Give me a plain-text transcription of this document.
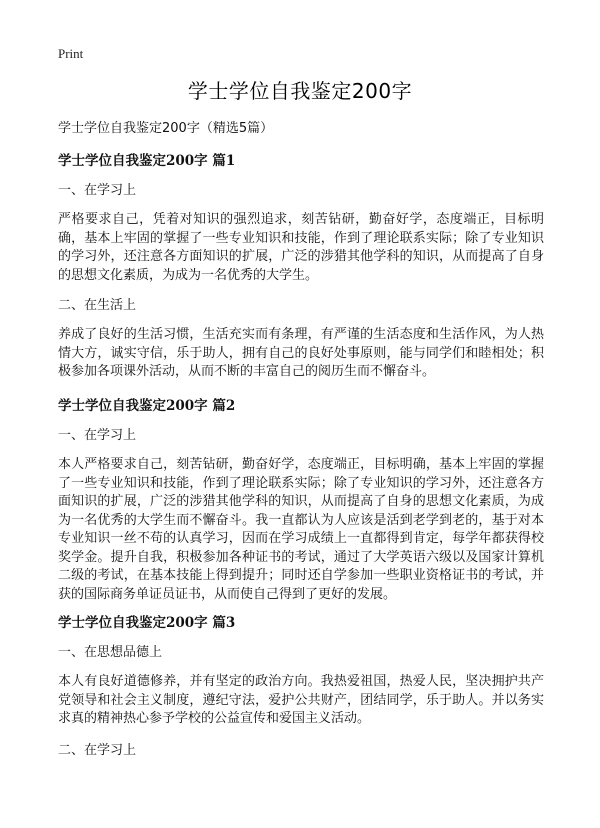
Print
学士学位自我鉴定200字
学士学位自我鉴定200字（精选5篇）
学士学位自我鉴定200字 篇1
一、在学习上
严格要求自己，凭着对知识的强烈追求，刻苦钻研，勤奋好学，态度端正，目标明确，基本上牢固的掌握了一些专业知识和技能，作到了理论联系实际；除了专业知识的学习外，还注意各方面知识的扩展，广泛的涉猎其他学科的知识，从而提高了自身的思想文化素质，为成为一名优秀的大学生。
二、在生活上
养成了良好的生活习惯，生活充实而有条理，有严谨的生活态度和生活作风，为人热情大方，诚实守信，乐于助人，拥有自己的良好处事原则，能与同学们和睦相处；积极参加各项课外活动，从而不断的丰富自己的阅历生而不懈奋斗。
学士学位自我鉴定200字 篇2
一、在学习上
本人严格要求自己，刻苦钻研，勤奋好学，态度端正，目标明确，基本上牢固的掌握了一些专业知识和技能，作到了理论联系实际；除了专业知识的学习外，还注意各方面知识的扩展，广泛的涉猎其他学科的知识，从而提高了自身的思想文化素质，为成为一名优秀的大学生而不懈奋斗。我一直都认为人应该是活到老学到老的，基于对本专业知识一丝不苟的认真学习，因而在学习成绩上一直都得到肯定，每学年都获得校奖学金。提升自我，积极参加各种证书的考试，通过了大学英语六级以及国家计算机二级的考试，在基本技能上得到提升；同时还自学参加一些职业资格证书的考试，并获的国际商务单证员证书，从而使自己得到了更好的发展。
学士学位自我鉴定200字 篇3
一、在思想品德上
本人有良好道德修养，并有坚定的政治方向。我热爱祖国，热爱人民，坚决拥护共产党领导和社会主义制度，遵纪守法，爱护公共财产，团结同学，乐于助人。并以务实求真的精神热心参予学校的公益宣传和爱国主义活动。
二、在学习上
